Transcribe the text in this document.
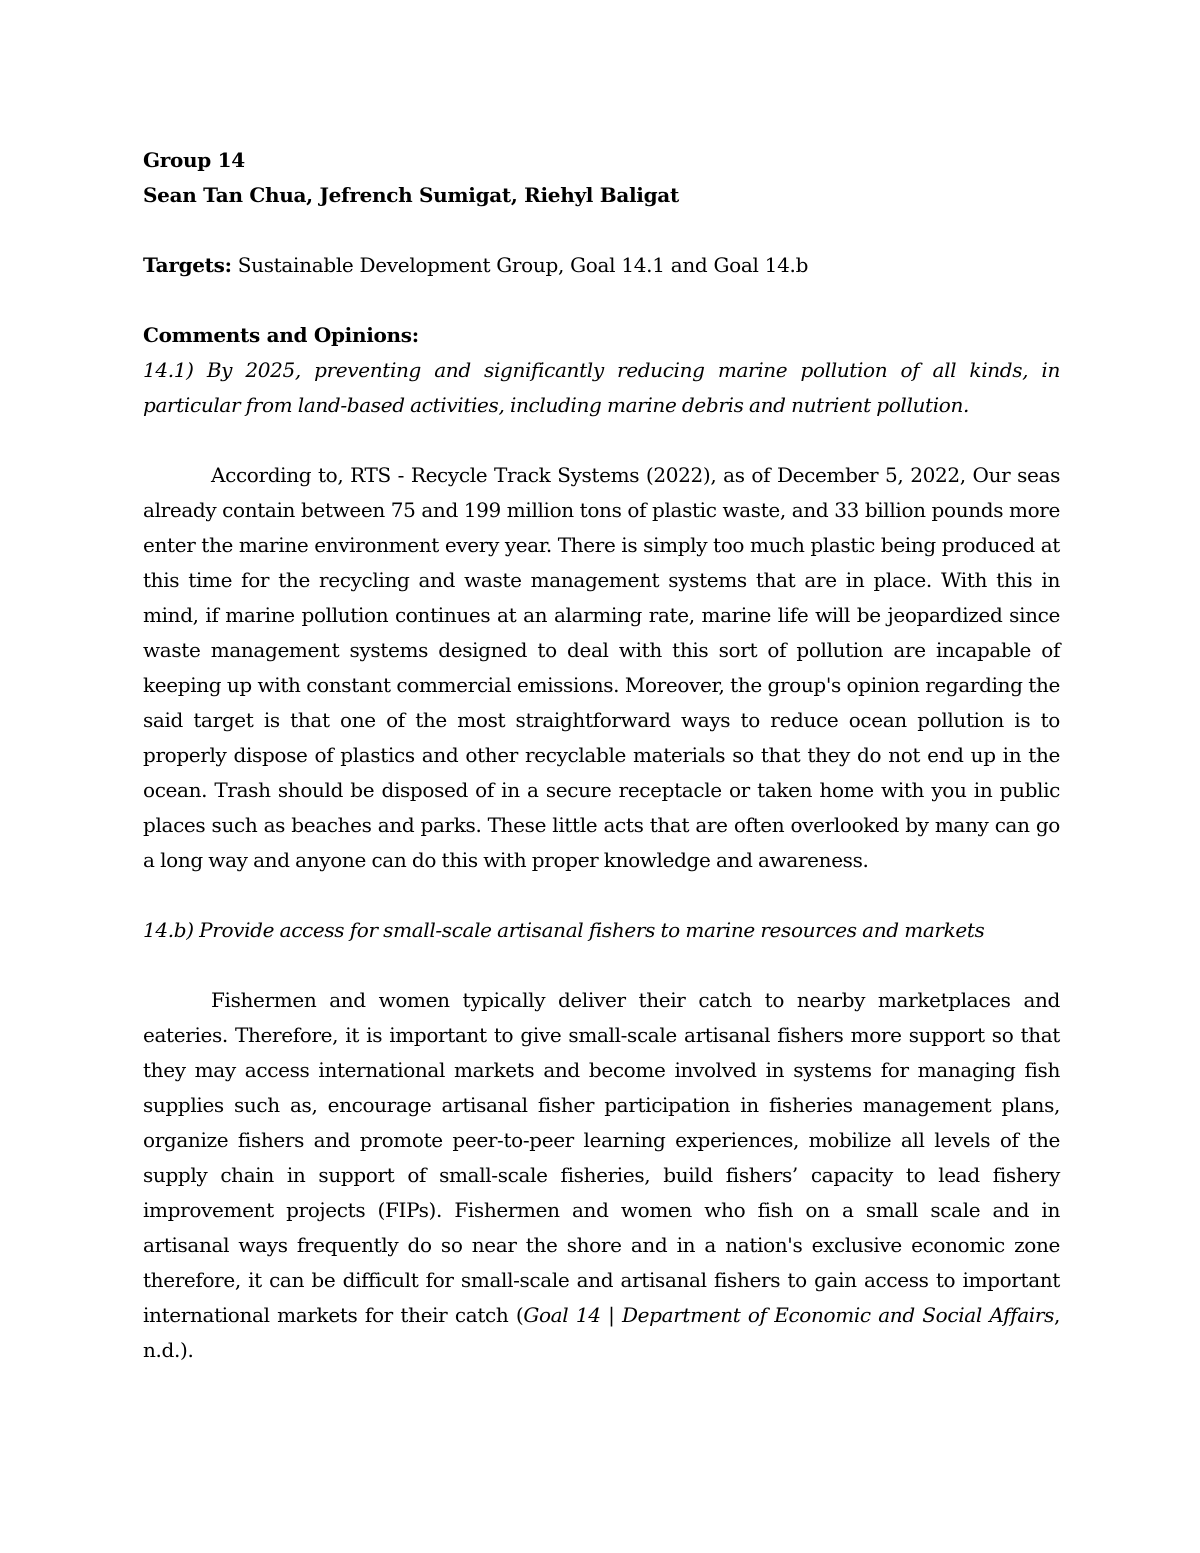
Group 14
Sean Tan Chua, Jefrench Sumigat, Riehyl Baligat
Targets: Sustainable Development Group, Goal 14.1 and Goal 14.b
Comments and Opinions:
14.1) By 2025, preventing and significantly reducing marine pollution of all kinds, in particular from land-based activities, including marine debris and nutrient pollution.
According to, RTS - Recycle Track Systems (2022), as of December 5, 2022, Our seas already contain between 75 and 199 million tons of plastic waste, and 33 billion pounds more enter the marine environment every year. There is simply too much plastic being produced at this time for the recycling and waste management systems that are in place. With this in mind, if marine pollution continues at an alarming rate, marine life will be jeopardized since waste management systems designed to deal with this sort of pollution are incapable of keeping up with constant commercial emissions. Moreover, the group's opinion regarding the said target is that one of the most straightforward ways to reduce ocean pollution is to properly dispose of plastics and other recyclable materials so that they do not end up in the ocean. Trash should be disposed of in a secure receptacle or taken home with you in public places such as beaches and parks. These little acts that are often overlooked by many can go a long way and anyone can do this with proper knowledge and awareness.
14.b) Provide access for small-scale artisanal fishers to marine resources and markets
Fishermen and women typically deliver their catch to nearby marketplaces and eateries. Therefore, it is important to give small-scale artisanal fishers more support so that they may access international markets and become involved in systems for managing fish supplies such as, encourage artisanal fisher participation in fisheries management plans, organize fishers and promote peer-to-peer learning experiences, mobilize all levels of the supply chain in support of small-scale fisheries, build fishers’ capacity to lead fishery improvement projects (FIPs). Fishermen and women who fish on a small scale and in artisanal ways frequently do so near the shore and in a nation's exclusive economic zone therefore, it can be difficult for small-scale and artisanal fishers to gain access to important international markets for their catch (Goal 14 | Department of Economic and Social Affairs, n.d.).
